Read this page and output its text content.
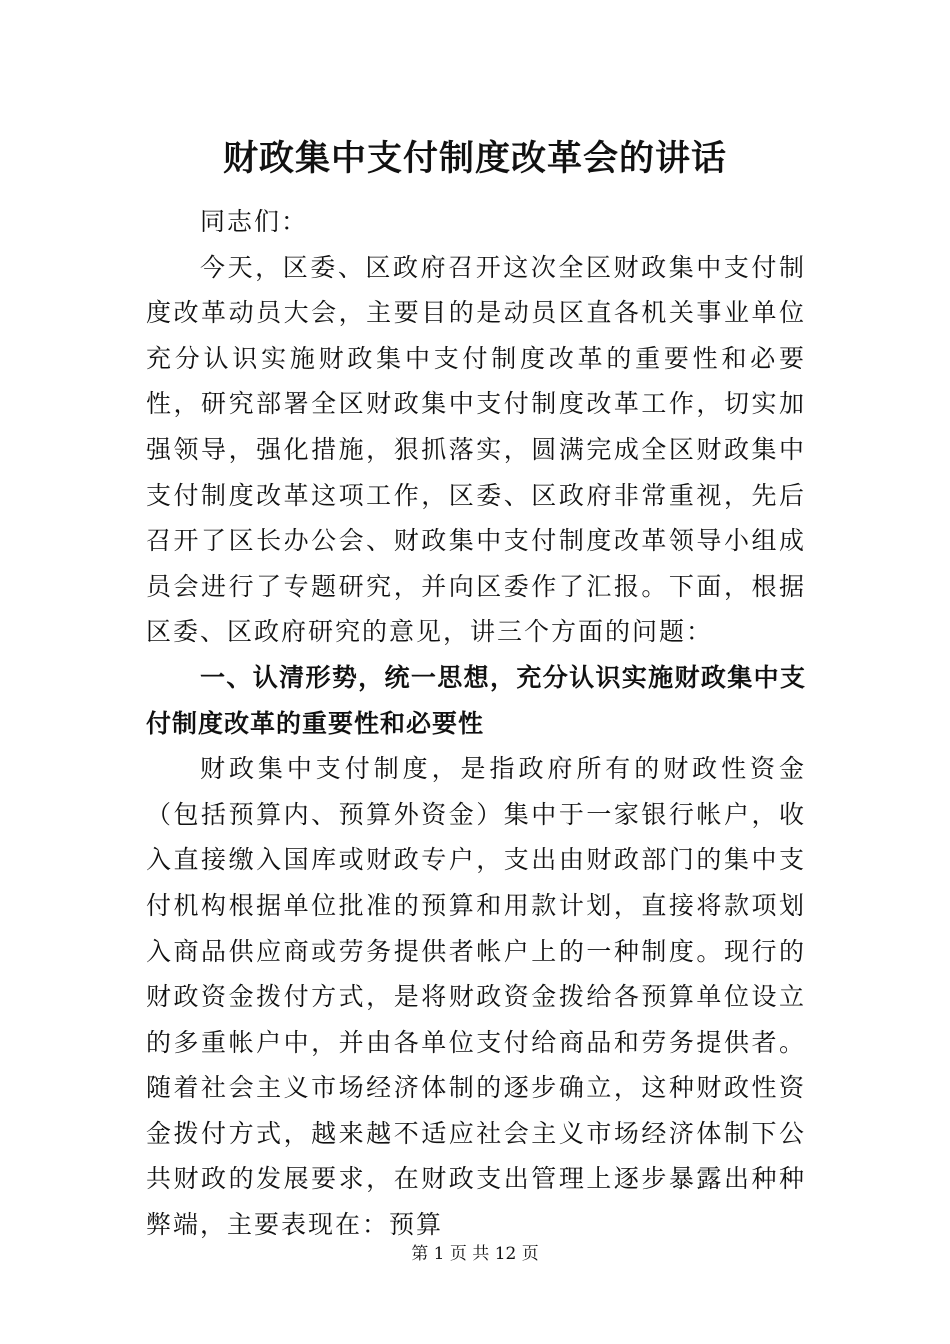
财政集中支付制度改革会的讲话

同志们：

今天，区委、区政府召开这次全区财政集中支付制度改革动员大会，主要目的是动员区直各机关事业单位充分认识实施财政集中支付制度改革的重要性和必要性，研究部署全区财政集中支付制度改革工作，切实加强领导，强化措施，狠抓落实，圆满完成全区财政集中支付制度改革这项工作，区委、区政府非常重视，先后召开了区长办公会、财政集中支付制度改革领导小组成员会进行了专题研究，并向区委作了汇报。下面，根据区委、区政府研究的意见，讲三个方面的问题：

一、认清形势，统一思想，充分认识实施财政集中支付制度改革的重要性和必要性

财政集中支付制度，是指政府所有的财政性资金（包括预算内、预算外资金）集中于一家银行帐户，收入直接缴入国库或财政专户，支出由财政部门的集中支付机构根据单位批准的预算和用款计划，直接将款项划入商品供应商或劳务提供者帐户上的一种制度。现行的财政资金拨付方式，是将财政资金拨给各预算单位设立的多重帐户中，并由各单位支付给商品和劳务提供者。随着社会主义市场经济体制的逐步确立，这种财政性资金拨付方式，越来越不适应社会主义市场经济体制下公共财政的发展要求，在财政支出管理上逐步暴露出种种弊端，主要表现在：预算

第 1 页 共 12 页
